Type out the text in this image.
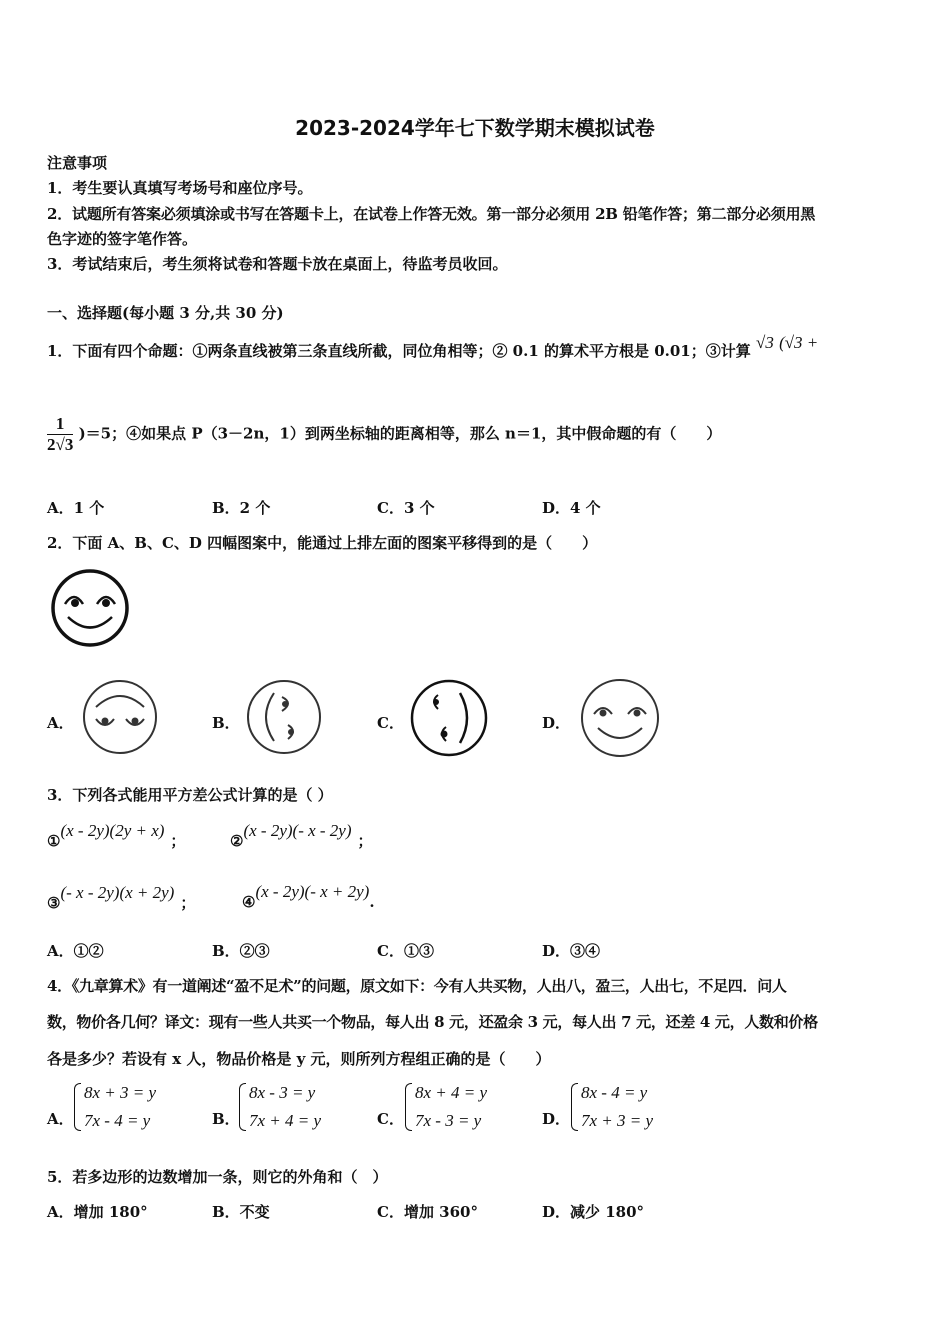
2023-2024学年七下数学期末模拟试卷
注意事项
1．考生要认真填写考场号和座位序号。
2．试题所有答案必须填涂或书写在答题卡上，在试卷上作答无效。第一部分必须用 2B 铅笔作答；第二部分必须用黑
色字迹的签字笔作答。
3．考试结束后，考生须将试卷和答题卡放在桌面上，待监考员收回。
一、选择题(每小题 3 分,共 30 分)
1．下面有四个命题：①两条直线被第三条直线所截，同位角相等；② 0.1 的算术平方根是 0.01；③计算 √3 (√3 +
$\frac{1}{2√3} )=5$；④如果点 P（3－2n，1）到两坐标轴的距离相等，那么 n＝1，其中假命题的有（　　）
A．1 个	B．2 个	C．3 个	D．4 个
2．下面 A、B、C、D 四幅图案中，能通过上排左面的图案平移得到的是（　　）
A．	B．	C．	D．
3．下列各式能用平方差公式计算的是（ ）
①(x - 2y)(2y + x)；	②(x - 2y)(- x - 2y)；
③(- x - 2y)(x + 2y)；	④(x - 2y)(- x + 2y).
A．①②	B．②③	C．①③	D．③④
4．《九章算术》有一道阐述“盈不足术”的问题，原文如下：今有人共买物，人出八，盈三，人出七，不足四．问人
数，物价各几何？译文：现有一些人共买一个物品，每人出 8 元，还盈余 3 元，每人出 7 元，还差 4 元，人数和价格
各是多少？若设有 x 人，物品价格是 y 元，则所列方程组正确的是（　　）
A．
8x + 3 = y
7x - 4 = y	B．
8x - 3 = y
7x + 4 = y	C．
8x + 4 = y
7x - 3 = y	D．
8x - 4 = y
7x + 3 = y
5．若多边形的边数增加一条，则它的外角和（　）
A．增加 180°	B．不变	C．增加 360°	D．减少 180°
